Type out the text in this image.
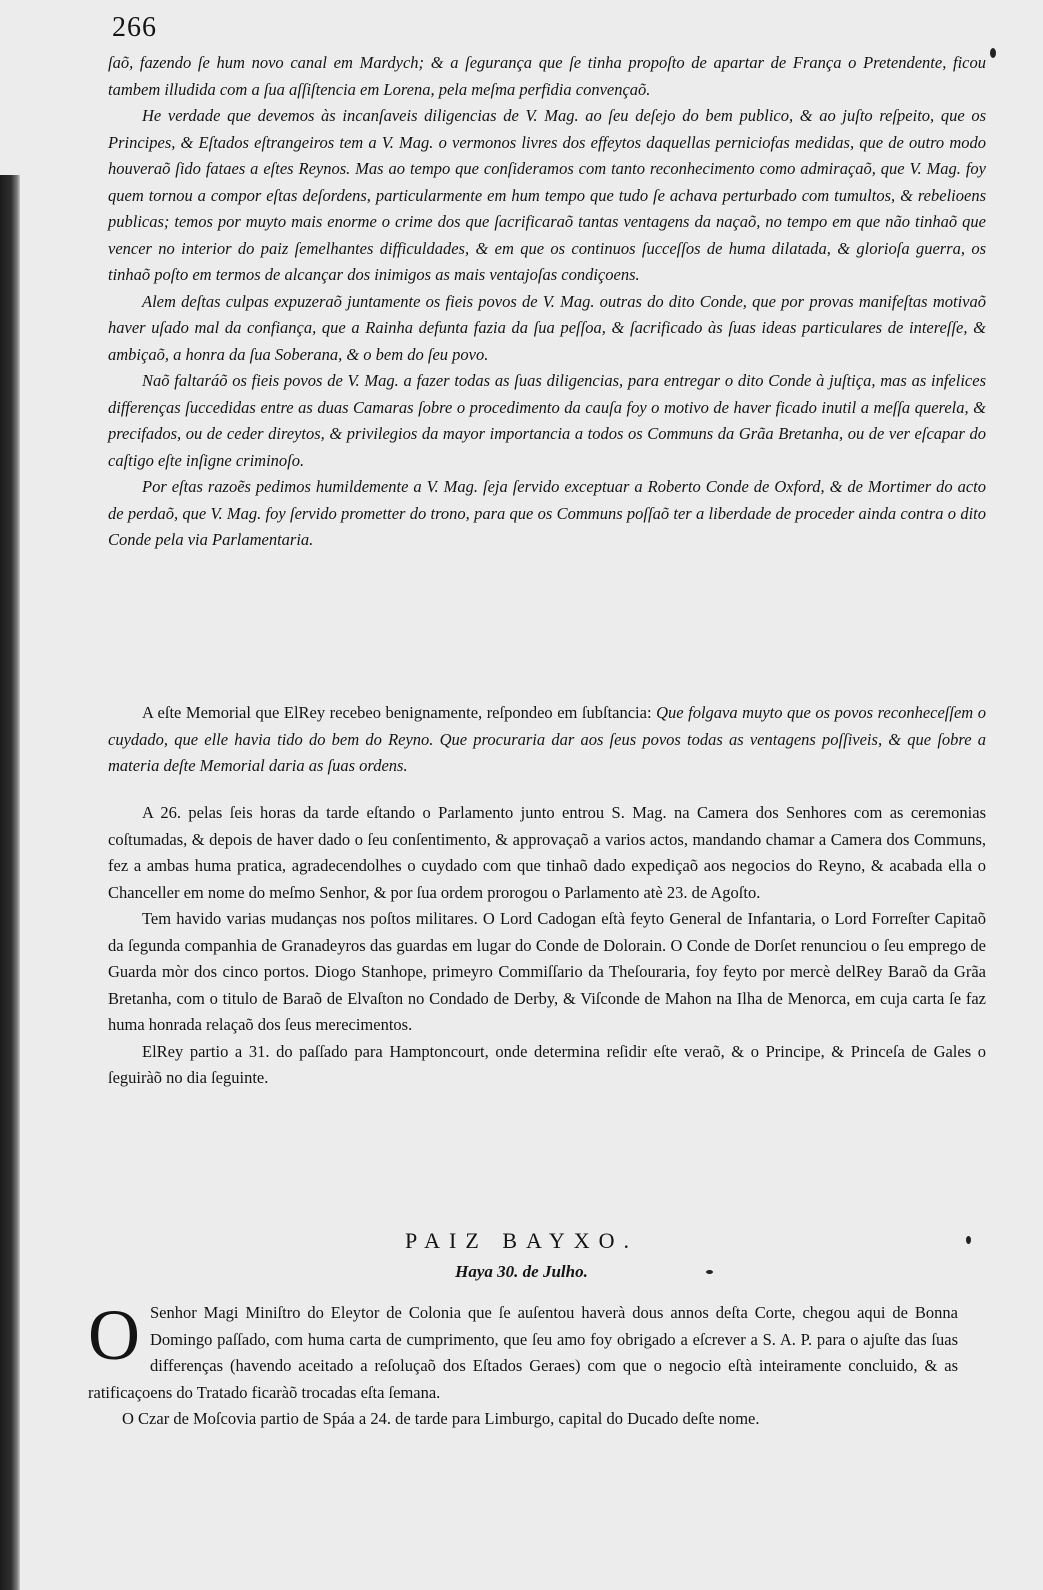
266

ſaõ, fazendo ſe hum novo canal em Mardych; & a ſegurança que ſe tinha propoſto de apartar de França o Pretendente, ficou tambem illudida com a ſua aſſiſtencia em Lorena, pela meſma perfidia convençaõ.

He verdade que devemos às incanſaveis diligencias de V. Mag. ao ſeu deſejo do bem publico, & ao juſto reſpeito, que os Principes, & Eſtados eſtrangeiros tem a V. Mag. o vermonos livres dos effeytos daquellas perniciofas medidas, que de outro modo houveraõ ſido fataes a eſtes Reynos. Mas ao tempo que conſideramos com tanto reconhecimento como admiraçaõ, que V. Mag. foy quem tornou a compor eſtas deſordens, particularmente em hum tempo que tudo ſe achava perturbado com tumultos, & rebelioens publicas; temos por muyto mais enorme o crime dos que ſacrificaraõ tantas ventagens da naçaõ, no tempo em que não tinhaõ que vencer no interior do paiz ſemelhantes difficuldades, & em que os continuos ſucceſſos de huma dilatada, & glorioſa guerra, os tinhaõ poſto em termos de alcançar dos inimigos as mais ventajoſas condiçoens.

Alem deſtas culpas expuzeraõ juntamente os fieis povos de V. Mag. outras do dito Conde, que por provas manifeſtas motivaõ haver uſado mal da confiança, que a Rainha defunta fazia da ſua peſſoa, & ſacrificado às ſuas ideas particulares de intereſſe, & ambiçaõ, a honra da ſua Soberana, & o bem do ſeu povo.

Naõ faltaráõ os fieis povos de V. Mag. a fazer todas as ſuas diligencias, para entregar o dito Conde à juſtiça, mas as infelices differenças ſuccedidas entre as duas Camaras ſobre o procedimento da cauſa foy o motivo de haver ficado inutil a meſſa querela, & precifados, ou de ceder direytos, & privilegios da mayor importancia a todos os Communs da Grãa Bretanha, ou de ver eſcapar do caſtigo eſte inſigne criminoſo.

Por eſtas razoẽs pedimos humildemente a V. Mag. ſeja ſervido exceptuar a Roberto Conde de Oxford, & de Mortimer do acto de perdaõ, que V. Mag. foy ſervido prometter do trono, para que os Communs poſſaõ ter a liberdade de proceder ainda contra o dito Conde pela via Parlamentaria.

A eſte Memorial que ElRey recebeo benignamente, reſpondeo em ſubſtancia: Que folgava muyto que os povos reconheceſſem o cuydado, que elle havia tido do bem do Reyno. Que procuraria dar aos ſeus povos todas as ventagens poſſiveis, & que ſobre a materia deſte Memorial daria as ſuas ordens.

A 26. pelas ſeis horas da tarde eſtando o Parlamento junto entrou S. Mag. na Camera dos Senhores com as ceremonias coſtumadas, & depois de haver dado o ſeu conſentimento, & approvaçaõ a varios actos, mandando chamar a Camera dos Communs, fez a ambas huma pratica, agradecendolhes o cuydado com que tinhaõ dado expediçaõ aos negocios do Reyno, & acabada ella o Chanceller em nome do meſmo Senhor, & por ſua ordem prorogou o Parlamento atè 23. de Agoſto.

Tem havido varias mudanças nos poſtos militares. O Lord Cadogan eſtà feyto General de Infantaria, o Lord Forreſter Capitaõ da ſegunda companhia de Granadeyros das guardas em lugar do Conde de Dolorain. O Conde de Dorſet renunciou o ſeu emprego de Guarda mòr dos cinco portos. Diogo Stanhope, primeyro Commiſſario da Theſouraria, foy feyto por mercè delRey Baraõ da Grãa Bretanha, com o titulo de Baraõ de Elvaſton no Condado de Derby, & Viſconde de Mahon na Ilha de Menorca, em cuja carta ſe faz huma honrada relaçaõ dos ſeus merecimentos.

ElRey partio a 31. do paſſado para Hamptoncourt, onde determina reſidir eſte veraõ, & o Principe, & Princeſa de Gales o ſeguiràõ no dia ſeguinte.

PAIZ BAYXO.
Haya 30. de Julho.

O Senhor Magi Miniſtro do Eleytor de Colonia que ſe auſentou haverà dous annos deſta Corte, chegou aqui de Bonna Domingo paſſado, com huma carta de cumprimento, que ſeu amo foy obrigado a eſcrever a S. A. P. para o ajuſte das ſuas differenças (havendo aceitado a reſoluçaõ dos Eſtados Geraes) com que o negocio eſtà inteiramente concluido, & as ratificaçoens do Tratado ficaràõ trocadas eſta ſemana.

O Czar de Moſcovia partio de Spáa a 24. de tarde para Limburgo, capital do Ducado deſte nome.
